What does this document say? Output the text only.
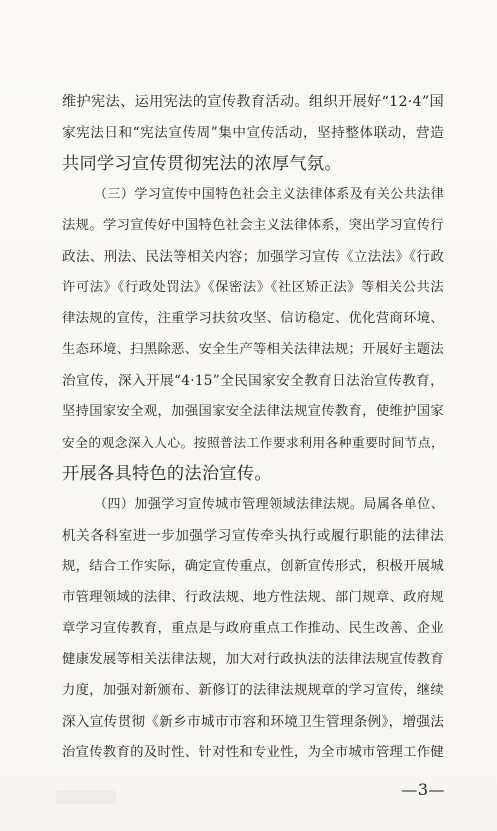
维护宪法、运用宪法的宣传教育活动。组织开展好“12·4”国
家宪法日和“宪法宣传周”集中宣传活动，坚持整体联动，营造
共同学习宣传贯彻宪法的浓厚气氛。
（三）学习宣传中国特色社会主义法律体系及有关公共法律
法规。学习宣传好中国特色社会主义法律体系，突出学习宣传行
政法、刑法、民法等相关内容；加强学习宣传《立法法》《行政
许可法》《行政处罚法》《保密法》《社区矫正法》等相关公共法
律法规的宣传，注重学习扶贫攻坚、信访稳定、优化营商环境、
生态环境、扫黑除恶、安全生产等相关法律法规；开展好主题法
治宣传，深入开展“4·15”全民国家安全教育日法治宣传教育，
坚持国家安全观，加强国家安全法律法规宣传教育，使维护国家
安全的观念深入人心。按照普法工作要求利用各种重要时间节点，
开展各具特色的法治宣传。
（四）加强学习宣传城市管理领域法律法规。局属各单位、
机关各科室进一步加强学习宣传牵头执行或履行职能的法律法
规，结合工作实际，确定宣传重点，创新宣传形式，积极开展城
市管理领域的法律、行政法规、地方性法规、部门规章、政府规
章学习宣传教育，重点是与政府重点工作推动、民生改善、企业
健康发展等相关法律法规，加大对行政执法的法律法规宣传教育
力度，加强对新颁布、新修订的法律法规规章的学习宣传，继续
深入宣传贯彻《新乡市城市市容和环境卫生管理条例》，增强法
治宣传教育的及时性、针对性和专业性，为全市城市管理工作健
—3—
